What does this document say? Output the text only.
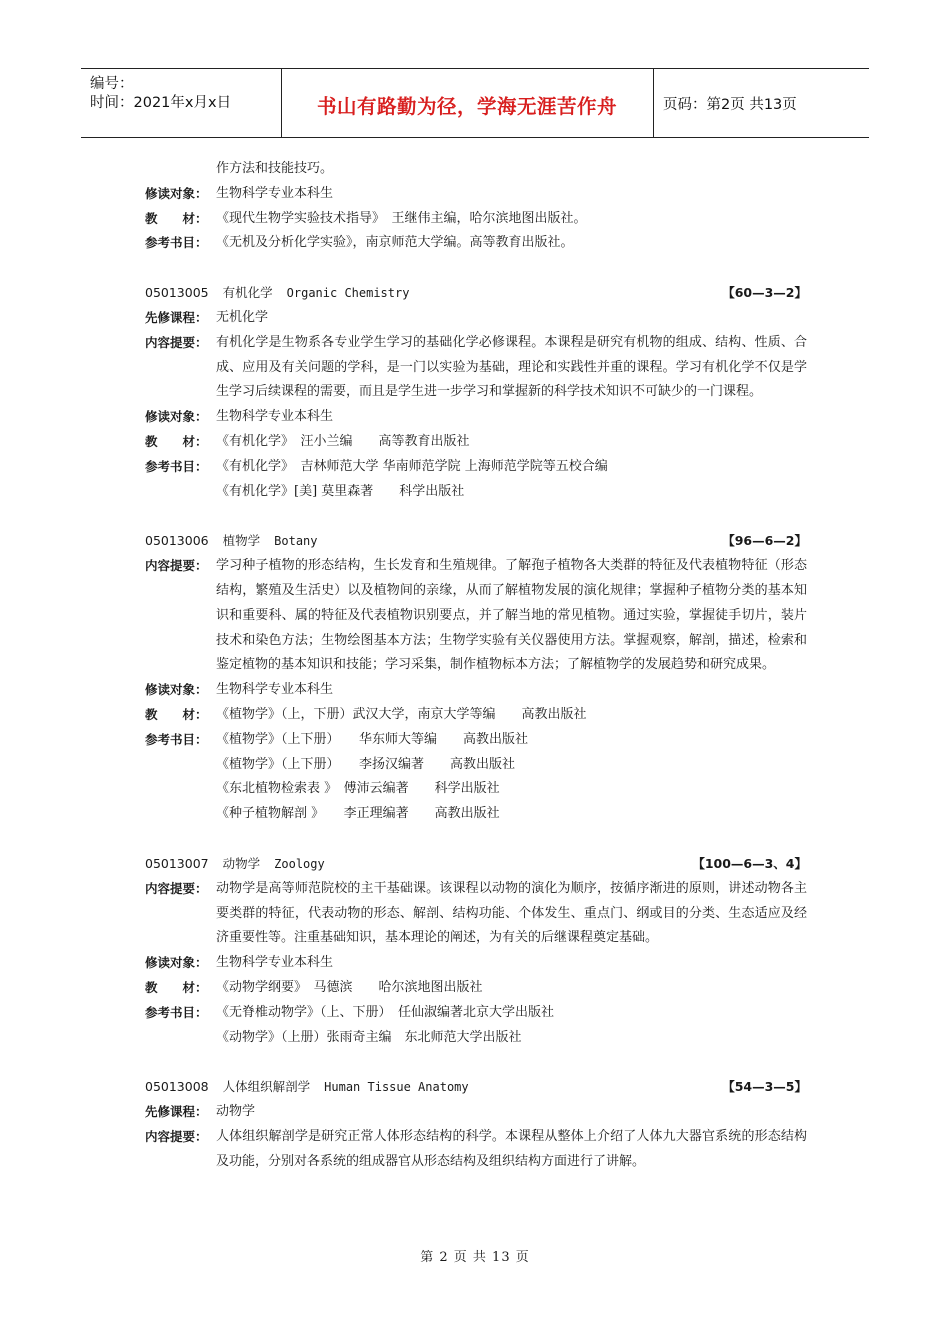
编号：
时间：2021年x月x日	书山有路勤为径，学海无涯苦作舟	页码：第2页 共13页
作方法和技能技巧。
修读对象： 生物科学专业本科生
教　　材： 《现代生物学实验技术指导》　王继伟主编，哈尔滨地图出版社。
参考书目： 《无机及分析化学实验》，南京师范大学编。高等教育出版社。
05013005 有机化学 Organic Chemistry	【60—3—2】
先修课程： 无机化学
内容提要： 有机化学是生物系各专业学生学习的基础化学必修课程。本课程是研究有机物的组成、结构、性质、合成、应用及有关问题的学科，是一门以实验为基础，理论和实践性并重的课程。学习有机化学不仅是学生学习后续课程的需要，而且是学生进一步学习和掌握新的科学技术知识不可缺少的一门课程。
修读对象： 生物科学专业本科生
教　　材： 《有机化学》　汪小兰编　　高等教育出版社
参考书目： 《有机化学》　吉林师范大学 华南师范学院 上海师范学院等五校合编
《有机化学》[美] 莫里森著　　科学出版社
05013006 植物学 Botany	【96—6—2】
内容提要： 学习种子植物的形态结构，生长发育和生殖规律。了解孢子植物各大类群的特征及代表植物特征（形态结构，繁殖及生活史）以及植物间的亲缘，从而了解植物发展的演化规律；掌握种子植物分类的基本知识和重要科、属的特征及代表植物识别要点，并了解当地的常见植物。通过实验，掌握徒手切片，装片技术和染色方法；生物绘图基本方法；生物学实验有关仪器使用方法。掌握观察，解剖，描述，检索和鉴定植物的基本知识和技能；学习采集，制作植物标本方法；了解植物学的发展趋势和研究成果。
修读对象： 生物科学专业本科生
教　　材： 《植物学》（上，下册）武汉大学，南京大学等编　　高教出版社
参考书目： 《植物学》（上下册）　　华东师大等编　　高教出版社
《植物学》（上下册）　　李扬汉编著　　高教出版社
《东北植物检索表 》　傅沛云编著　　科学出版社
《种子植物解剖 》　　李正理编著　　高教出版社
05013007 动物学 Zoology	【100—6—3、4】
内容提要： 动物学是高等师范院校的主干基础课。该课程以动物的演化为顺序，按循序渐进的原则，讲述动物各主要类群的特征，代表动物的形态、解剖、结构功能、个体发生、重点门、纲或目的分类、生态适应及经济重要性等。注重基础知识，基本理论的阐述，为有关的后继课程奠定基础。
修读对象： 生物科学专业本科生
教　　材： 《动物学纲要》　马德滨　　哈尔滨地图出版社
参考书目： 《无脊椎动物学》（上、下册）　任仙淑编著北京大学出版社
《动物学》（上册）张雨奇主编　东北师范大学出版社
05013008 人体组织解剖学 Human Tissue Anatomy	【54—3—5】
先修课程： 动物学
内容提要： 人体组织解剖学是研究正常人体形态结构的科学。本课程从整体上介绍了人体九大器官系统的形态结构及功能，分别对各系统的组成器官从形态结构及组织结构方面进行了讲解。
第 2 页 共 13 页
